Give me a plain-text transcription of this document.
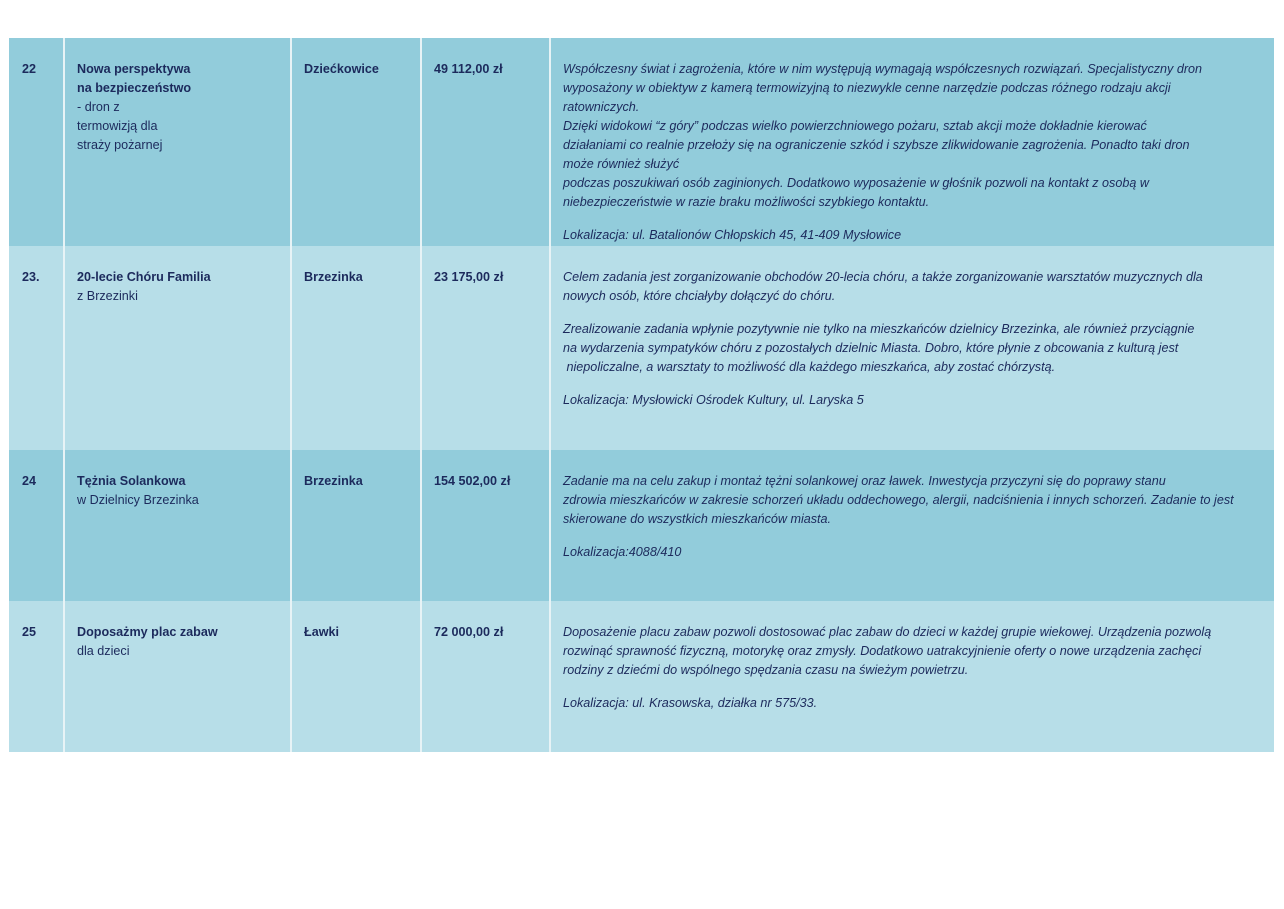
22	Nowa perspektywa
na bezpieczeństwo
- dron z
termowizją dla
straży pożarnej
Dziećkowice	49 112,00 zł	Współczesny świat i zagrożenia, które w nim występują wymagają współczesnych rozwiązań. Specjalistyczny dron
wyposażony w obiektyw z kamerą termowizyjną to niezwykle cenne narzędzie podczas różnego rodzaju akcji
ratowniczych.
Dzięki widokowi “z góry” podczas wielko powierzchniowego pożaru, sztab akcji może dokładnie kierować
działaniami co realnie przełoży się na ograniczenie szkód i szybsze zlikwidowanie zagrożenia. Ponadto taki dron
może również służyć
podczas poszukiwań osób zaginionych. Dodatkowo wyposażenie w głośnik pozwoli na kontakt z osobą w
niebezpieczeństwie w razie braku możliwości szybkiego kontaktu.
Lokalizacja: ul. Batalionów Chłopskich 45, 41-409 Mysłowice
23.	20-lecie Chóru Familia
z Brzezinki
Brzezinka	23 175,00 zł	Celem zadania jest zorganizowanie obchodów 20-lecia chóru, a także zorganizowanie warsztatów muzycznych dla
nowych osób, które chciałyby dołączyć do chóru.
Zrealizowanie zadania wpłynie pozytywnie nie tylko na mieszkańców dzielnicy Brzezinka, ale również przyciągnie
na wydarzenia sympatyków chóru z pozostałych dzielnic Miasta. Dobro, które płynie z obcowania z kulturą jest
niepoliczalne, a warsztaty to możliwość dla każdego mieszkańca, aby zostać chórzystą.
Lokalizacja: Mysłowicki Ośrodek Kultury, ul. Laryska 5
24	Tężnia Solankowa
w Dzielnicy Brzezinka
Brzezinka	154 502,00 zł	Zadanie ma na celu zakup i montaż tężni solankowej oraz ławek. Inwestycja przyczyni się do poprawy stanu
zdrowia mieszkańców w zakresie schorzeń układu oddechowego, alergii, nadciśnienia i innych schorzeń. Zadanie to jest
skierowane do wszystkich mieszkańców miasta.
Lokalizacja:4088/410
25	Doposażmy plac zabaw
dla dzieci
Ławki	72 000,00 zł	Doposażenie placu zabaw pozwoli dostosować plac zabaw do dzieci w każdej grupie wiekowej. Urządzenia pozwolą
rozwinąć sprawność fizyczną, motorykę oraz zmysły. Dodatkowo uatrakcyjnienie oferty o nowe urządzenia zachęci
rodziny z dziećmi do wspólnego spędzania czasu na świeżym powietrzu.
Lokalizacja: ul. Krasowska, działka nr 575/33.
